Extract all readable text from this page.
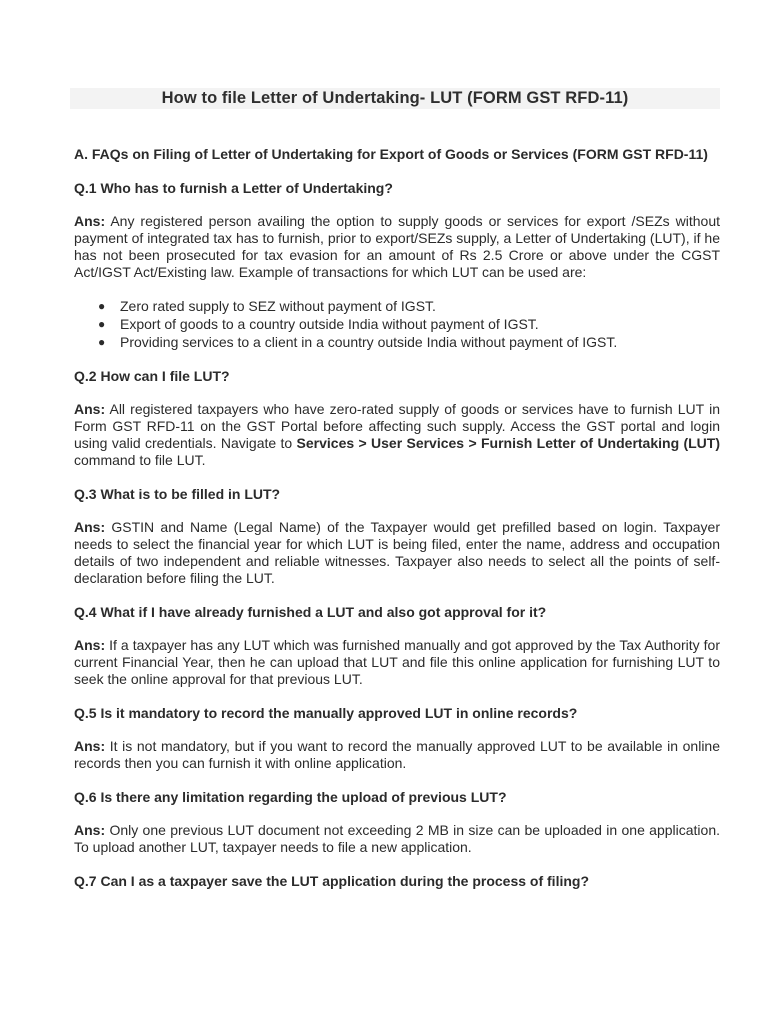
How to file Letter of Undertaking- LUT (FORM GST RFD-11)
A. FAQs on Filing of Letter of Undertaking for Export of Goods or Services (FORM GST RFD-11)
Q.1 Who has to furnish a Letter of Undertaking?
Ans: Any registered person availing the option to supply goods or services for export /SEZs without payment of integrated tax has to furnish, prior to export/SEZs supply, a Letter of Undertaking (LUT), if he has not been prosecuted for tax evasion for an amount of Rs 2.5 Crore or above under the CGST Act/IGST Act/Existing law. Example of transactions for which LUT can be used are:
● Zero rated supply to SEZ without payment of IGST.
● Export of goods to a country outside India without payment of IGST.
● Providing services to a client in a country outside India without payment of IGST.
Q.2 How can I file LUT?
Ans: All registered taxpayers who have zero-rated supply of goods or services have to furnish LUT in Form GST RFD-11 on the GST Portal before affecting such supply. Access the GST portal and login using valid credentials. Navigate to Services > User Services > Furnish Letter of Undertaking (LUT) command to file LUT.
Q.3 What is to be filled in LUT?
Ans: GSTIN and Name (Legal Name) of the Taxpayer would get prefilled based on login. Taxpayer needs to select the financial year for which LUT is being filed, enter the name, address and occupation details of two independent and reliable witnesses. Taxpayer also needs to select all the points of self-declaration before filing the LUT.
Q.4 What if I have already furnished a LUT and also got approval for it?
Ans: If a taxpayer has any LUT which was furnished manually and got approved by the Tax Authority for current Financial Year, then he can upload that LUT and file this online application for furnishing LUT to seek the online approval for that previous LUT.
Q.5 Is it mandatory to record the manually approved LUT in online records?
Ans: It is not mandatory, but if you want to record the manually approved LUT to be available in online records then you can furnish it with online application.
Q.6 Is there any limitation regarding the upload of previous LUT?
Ans: Only one previous LUT document not exceeding 2 MB in size can be uploaded in one application. To upload another LUT, taxpayer needs to file a new application.
Q.7 Can I as a taxpayer save the LUT application during the process of filing?
